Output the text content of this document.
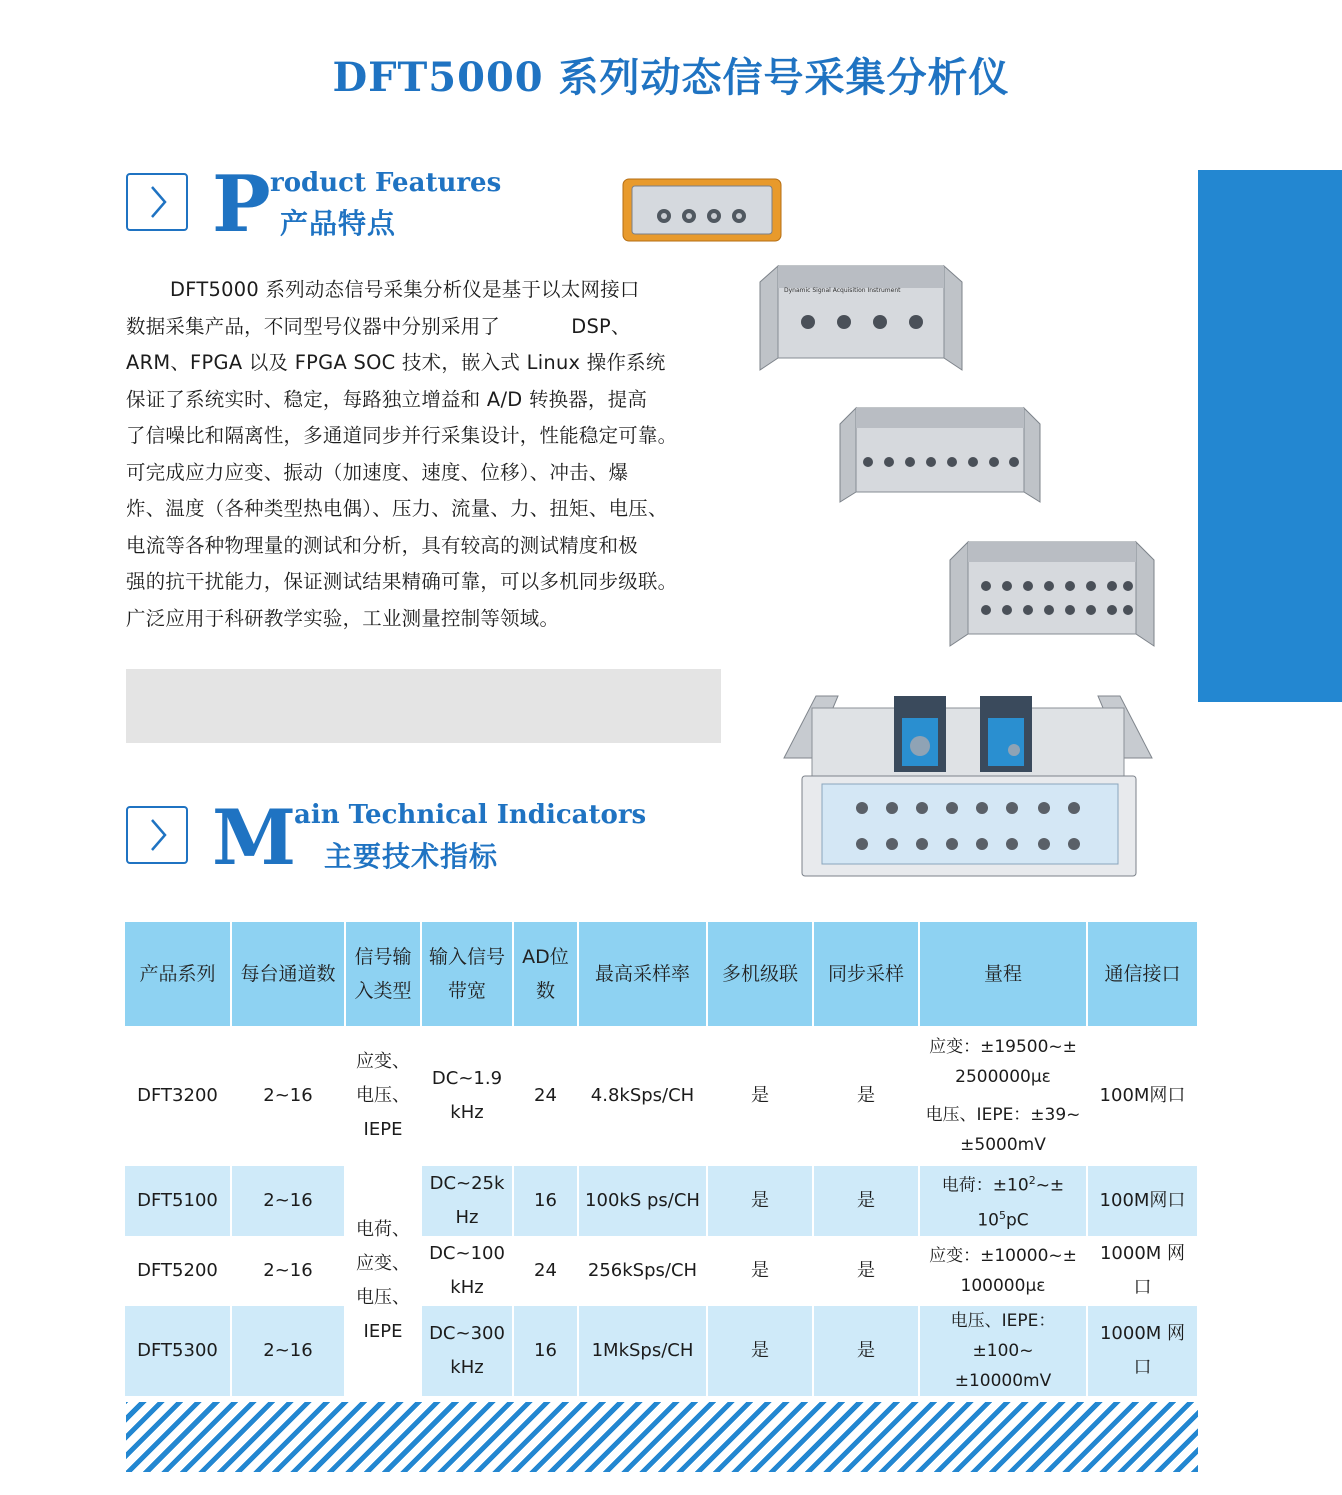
DFT5000 系列动态信号采集分析仪
P roduct Features
产品特点

DFT5000 系列动态信号采集分析仪是基于以太网接口

数据采集产品，不同型号仪器中分别采用了           DSP、

ARM、FPGA 以及 FPGA SOC 技术，嵌入式 Linux 操作系统

保证了系统实时、稳定，每路独立增益和 A/D 转换器，提高

了信噪比和隔离性，多通道同步并行采集设计，性能稳定可靠。

可完成应力应变、振动（加速度、速度、位移）、冲击、爆

炸、温度（各种类型热电偶）、压力、流量、力、扭矩、电压、

电流等各种物理量的测试和分析，具有较高的测试精度和极

强的抗干扰能力，保证测试结果精确可靠，可以多机同步级联。

广泛应用于科研教学实验，工业测量控制等领域。

Dynamic Signal Acquisition Instrument
M
ain Technical Indicators
主要技术指标
产品系列	每台通道数	信号输入类型	输入信号带宽	AD位数	最高采样率	多机级联	同步采样	量程	通信接口
DFT3200	2~16	应变、电压、IEPE	DC~1.9 kHz	24	4.8kSps/CH	是	是	应变：±19500~±

2500000με

电压、IEPE：±39~

±5000mV	100M网口
DFT5100	2~16	电荷、应变、电压、IEPE	DC~25k Hz	16	100kS ps/CH	是	是	电荷：$\pm 10^2\sim\pm$

$10^5pC$	100M网口
DFT5200	2~16		DC~100 kHz	24	256kSps/CH	是	是	应变：±10000~±

100000με	1000M 网口
DFT5300	2~16		DC~300 kHz	16	1MkSps/CH	是	是	电压、IEPE：±100~

±10000mV	1000M 网口
